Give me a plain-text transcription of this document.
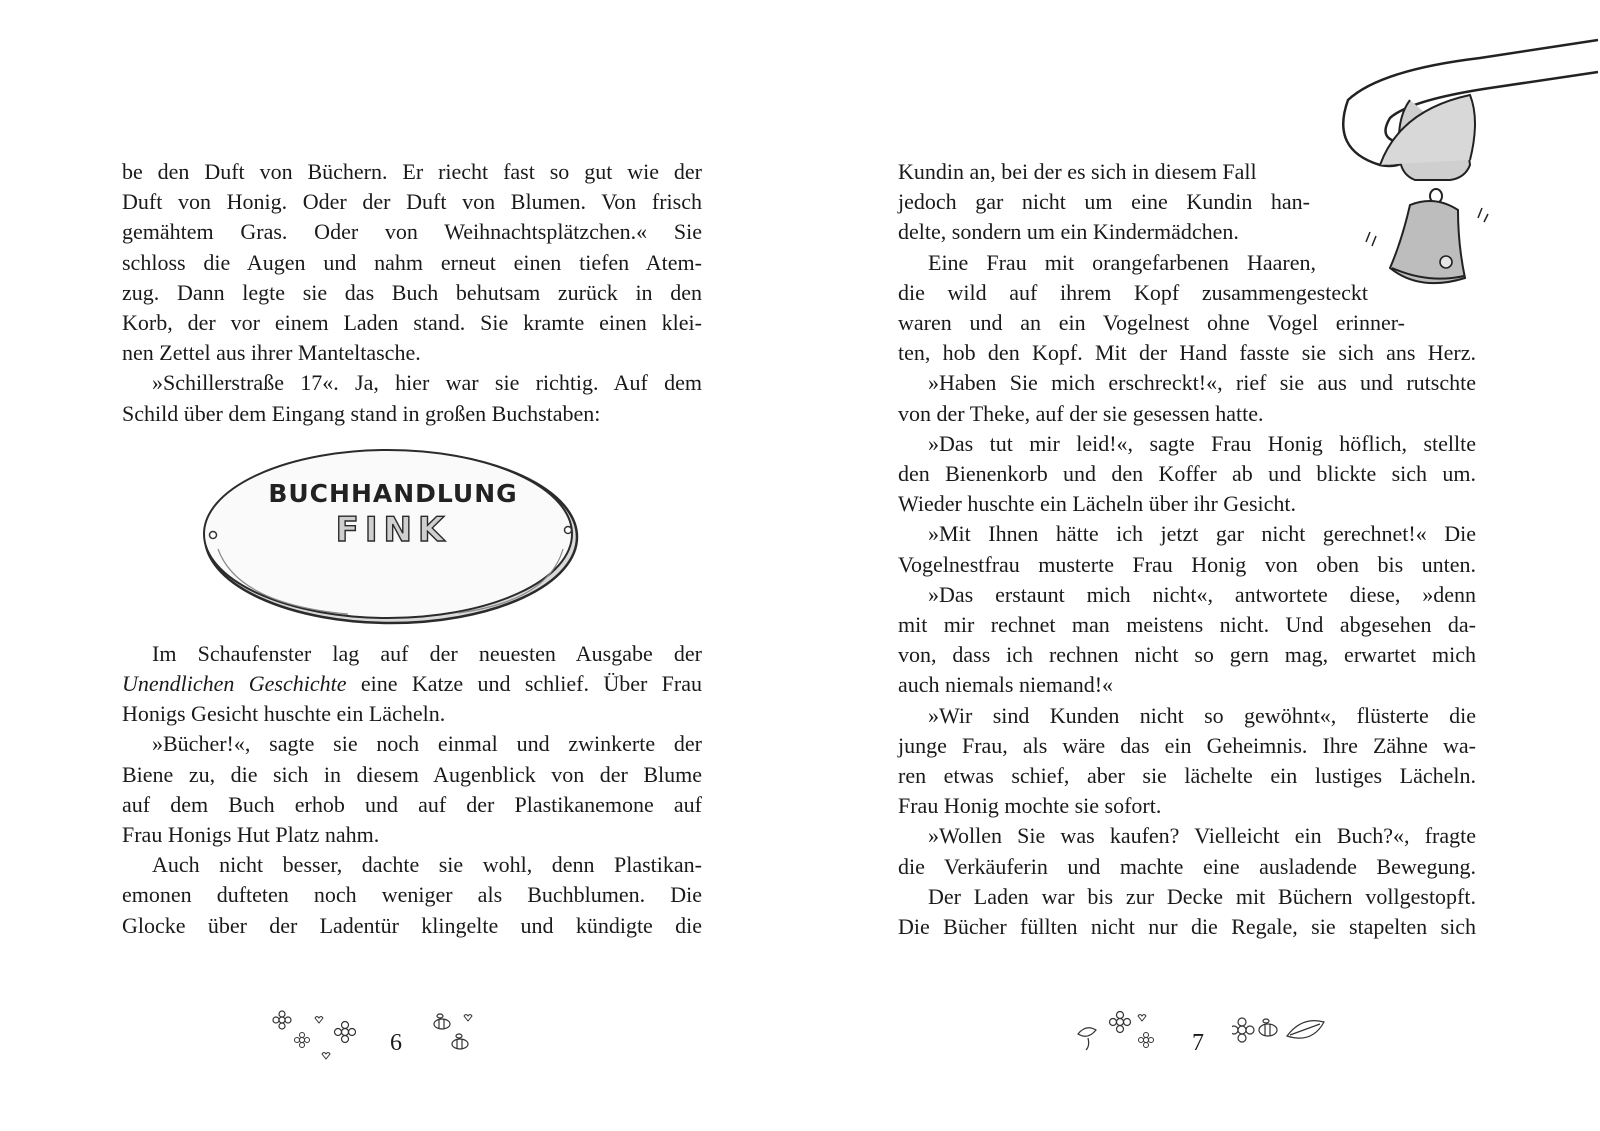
be den Duft von Büchern. Er riecht fast so gut wie der
Duft von Honig. Oder der Duft von Blumen. Von frisch
gemähtem Gras. Oder von Weihnachtsplätzchen.« Sie
schloss die Augen und nahm erneut einen tiefen Atem-
zug. Dann legte sie das Buch behutsam zurück in den
Korb, der vor einem Laden stand. Sie kramte einen klei-
nen Zettel aus ihrer Manteltasche.
»Schillerstraße 17«. Ja, hier war sie richtig. Auf dem
Schild über dem Eingang stand in großen Buchstaben:
BUCHHANDLUNG
FINK
Im Schaufenster lag auf der neuesten Ausgabe der
Unendlichen Geschichte eine Katze und schlief. Über Frau
Honigs Gesicht huschte ein Lächeln.
»Bücher!«, sagte sie noch einmal und zwinkerte der
Biene zu, die sich in diesem Augenblick von der Blume
auf dem Buch erhob und auf der Plastikanemone auf
Frau Honigs Hut Platz nahm.
Auch nicht besser, dachte sie wohl, denn Plastikan-
emonen dufteten noch weniger als Buchblumen. Die
Glocke über der Ladentür klingelte und kündigte die
6
Kundin an, bei der es sich in diesem Fall
jedoch gar nicht um eine Kundin han-
delte, sondern um ein Kindermädchen.
Eine Frau mit orangefarbenen Haaren,
die wild auf ihrem Kopf zusammengesteckt
waren und an ein Vogelnest ohne Vogel erinner-
ten, hob den Kopf. Mit der Hand fasste sie sich ans Herz.
»Haben Sie mich erschreckt!«, rief sie aus und rutschte
von der Theke, auf der sie gesessen hatte.
»Das tut mir leid!«, sagte Frau Honig höflich, stellte
den Bienenkorb und den Koffer ab und blickte sich um.
Wieder huschte ein Lächeln über ihr Gesicht.
»Mit Ihnen hätte ich jetzt gar nicht gerechnet!« Die
Vogelnestfrau musterte Frau Honig von oben bis unten.
»Das erstaunt mich nicht«, antwortete diese, »denn
mit mir rechnet man meistens nicht. Und abgesehen da-
von, dass ich rechnen nicht so gern mag, erwartet mich
auch niemals niemand!«
»Wir sind Kunden nicht so gewöhnt«, flüsterte die
junge Frau, als wäre das ein Geheimnis. Ihre Zähne wa-
ren etwas schief, aber sie lächelte ein lustiges Lächeln.
Frau Honig mochte sie sofort.
»Wollen Sie was kaufen? Vielleicht ein Buch?«, fragte
die Verkäuferin und machte eine ausladende Bewegung.
Der Laden war bis zur Decke mit Büchern vollgestopft.
Die Bücher füllten nicht nur die Regale, sie stapelten sich
7
